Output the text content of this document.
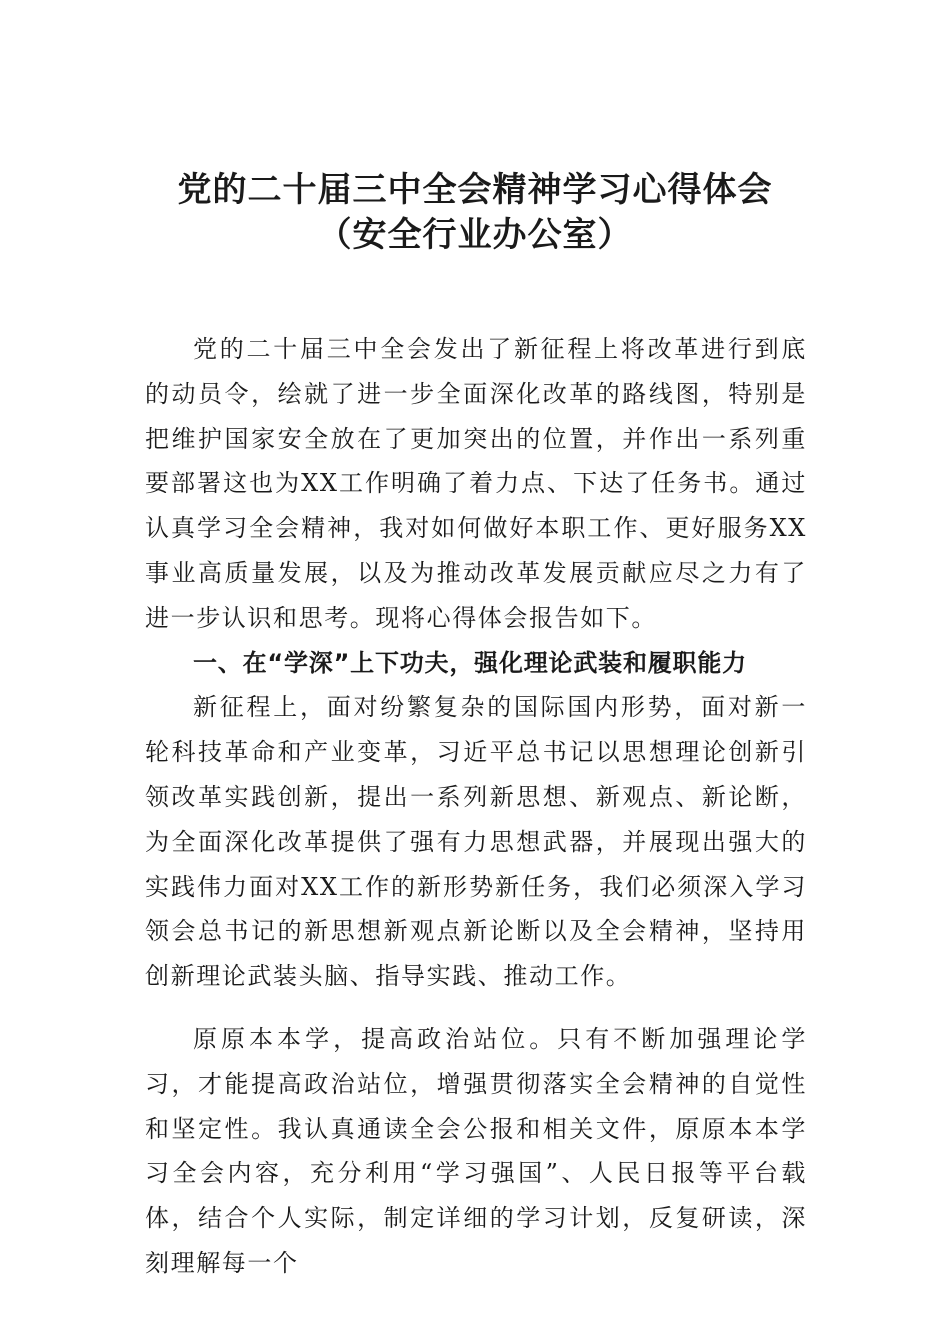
党的二十届三中全会精神学习心得体会
（安全行业办公室）

党的二十届三中全会发出了新征程上将改革进行到底的动员令，绘就了进一步全面深化改革的路线图，特别是把维护国家安全放在了更加突出的位置，并作出一系列重要部署这也为XX工作明确了着力点、下达了任务书。通过认真学习全会精神，我对如何做好本职工作、更好服务XX事业高质量发展，以及为推动改革发展贡献应尽之力有了进一步认识和思考。现将心得体会报告如下。

一、在“学深”上下功夫，强化理论武装和履职能力

新征程上，面对纷繁复杂的国际国内形势，面对新一轮科技革命和产业变革，习近平总书记以思想理论创新引领改革实践创新，提出一系列新思想、新观点、新论断，为全面深化改革提供了强有力思想武器，并展现出强大的实践伟力面对XX工作的新形势新任务，我们必须深入学习领会总书记的新思想新观点新论断以及全会精神，坚持用创新理论武装头脑、指导实践、推动工作。

原原本本学，提高政治站位。只有不断加强理论学习，才能提高政治站位，增强贯彻落实全会精神的自觉性和坚定性。我认真通读全会公报和相关文件，原原本本学习全会内容，充分利用“学习强国”、人民日报等平台载体，结合个人实际，制定详细的学习计划，反复研读，深刻理解每一个
